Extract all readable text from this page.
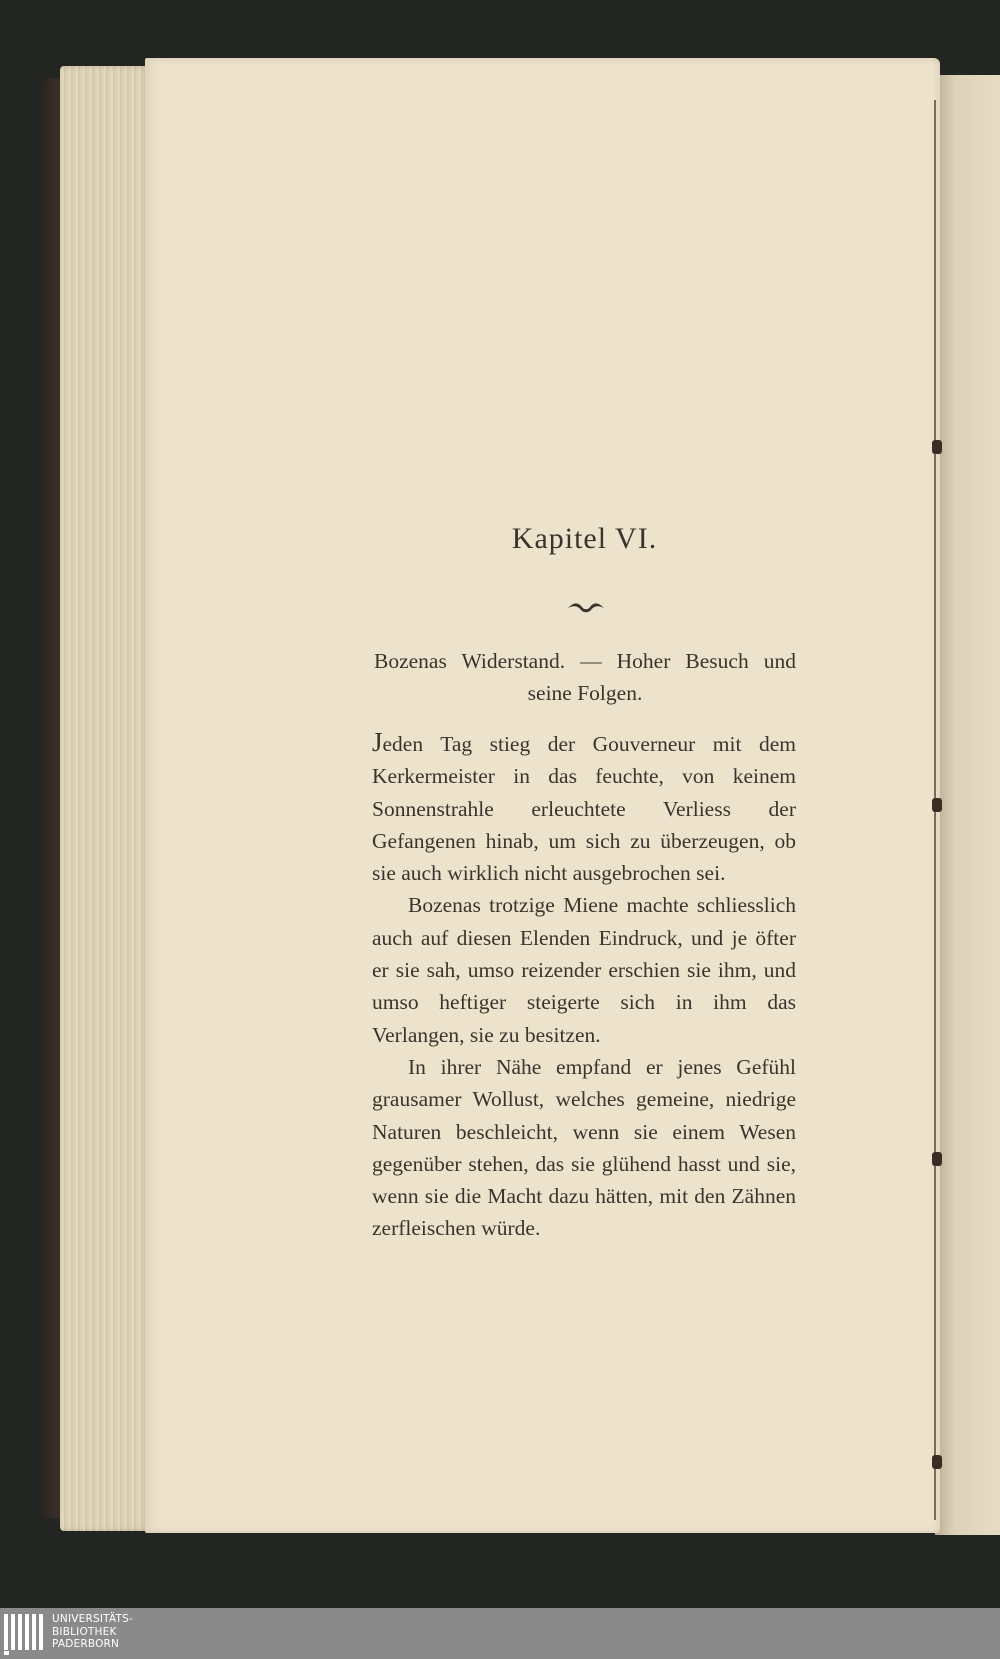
Kapitel VI.
Bozenas Widerstand. — Hoher Besuch und seine Folgen.

Jeden Tag stieg der Gouverneur mit dem Kerkermeister in das feuchte, von keinem Sonnenstrahle erleuchtete Verliess der Gefangenen hinab, um sich zu überzeugen, ob sie auch wirklich nicht ausgebrochen sei.

Bozenas trotzige Miene machte schliesslich auch auf diesen Elenden Eindruck, und je öfter er sie sah, umso reizender erschien sie ihm, und umso heftiger steigerte sich in ihm das Verlangen, sie zu besitzen.

In ihrer Nähe empfand er jenes Gefühl grausamer Wollust, welches gemeine, niedrige Naturen beschleicht, wenn sie einem Wesen gegenüber stehen, das sie glühend hasst und sie, wenn sie die Macht dazu hätten, mit den Zähnen zerfleischen würde.

UNIVERSITÄTS-
BIBLIOTHEK
PADERBORN
